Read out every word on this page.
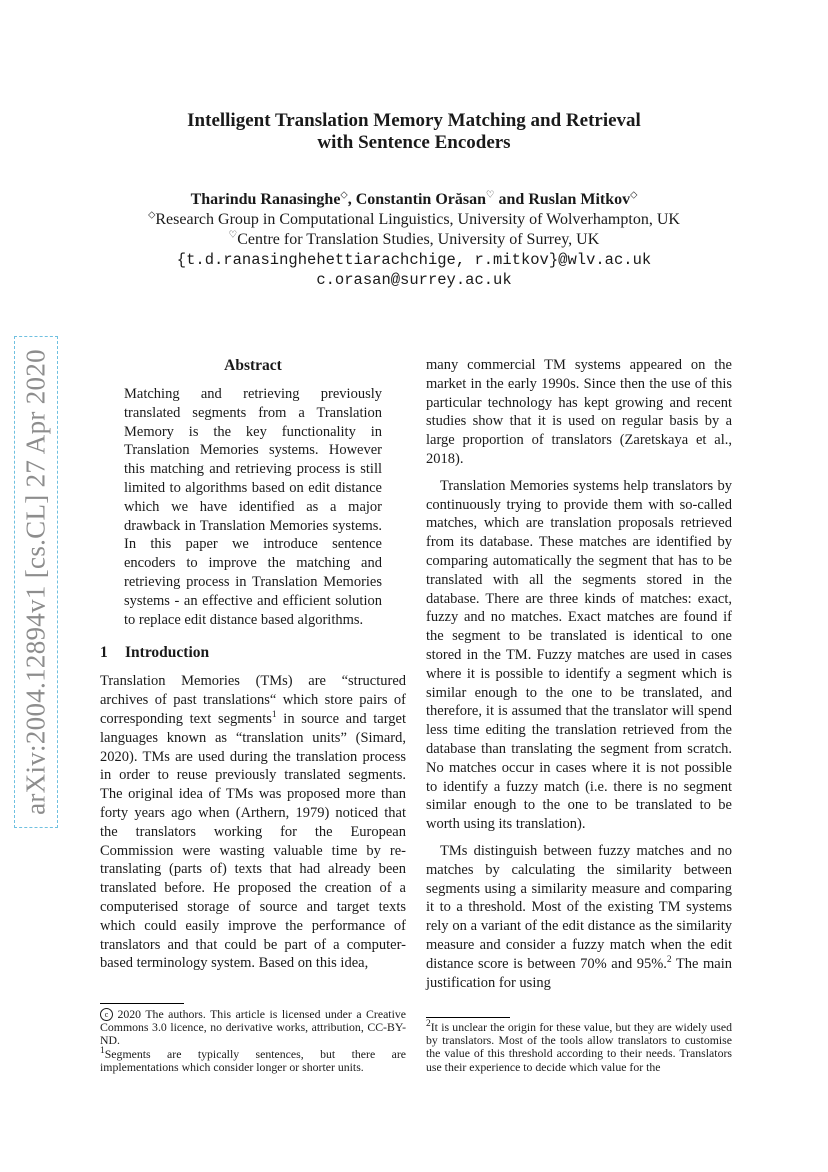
arXiv:2004.12894v1 [cs.CL] 27 Apr 2020
Intelligent Translation Memory Matching and Retrieval
with Sentence Encoders
Tharindu Ranasinghe◇, Constantin Orăsan♡ and Ruslan Mitkov◇
◇Research Group in Computational Linguistics, University of Wolverhampton, UK
♡Centre for Translation Studies, University of Surrey, UK
{t.d.ranasinghehettiarachchige, r.mitkov}@wlv.ac.uk
c.orasan@surrey.ac.uk
Abstract

Matching and retrieving previously translated segments from a Translation Memory is the key functionality in Translation Memories systems. However this matching and retrieving process is still limited to algorithms based on edit distance which we have identified as a major drawback in Translation Memories systems. In this paper we introduce sentence encoders to improve the matching and retrieving process in Translation Memories systems - an effective and efficient solution to replace edit distance based algorithms.

1 Introduction

Translation Memories (TMs) are “structured archives of past translations“ which store pairs of corresponding text segments$^1$ in source and target languages known as “translation units” (Simard, 2020). TMs are used during the translation process in order to reuse previously translated segments. The original idea of TMs was proposed more than forty years ago when (Arthern, 1979) noticed that the translators working for the European Commission were wasting valuable time by re-translating (parts of) texts that had already been translated before. He proposed the creation of a computerised storage of source and target texts which could easily improve the performance of translators and that could be part of a computer-based terminology system. Based on this idea,

many commercial TM systems appeared on the market in the early 1990s. Since then the use of this particular technology has kept growing and recent studies show that it is used on regular basis by a large proportion of translators (Zaretskaya et al., 2018).

Translation Memories systems help translators by continuously trying to provide them with so-called matches, which are translation proposals retrieved from its database. These matches are identified by comparing automatically the segment that has to be translated with all the segments stored in the database. There are three kinds of matches: exact, fuzzy and no matches. Exact matches are found if the segment to be translated is identical to one stored in the TM. Fuzzy matches are used in cases where it is possible to identify a segment which is similar enough to the one to be translated, and therefore, it is assumed that the translator will spend less time editing the translation retrieved from the database than translating the segment from scratch. No matches occur in cases where it is not possible to identify a fuzzy match (i.e. there is no segment similar enough to the one to be translated to be worth using its translation).

TMs distinguish between fuzzy matches and no matches by calculating the similarity between segments using a similarity measure and comparing it to a threshold. Most of the existing TM systems rely on a variant of the edit distance as the similarity measure and consider a fuzzy match when the edit distance score is between 70% and 95%.$^2$ The main justification for using

c 2020 The authors. This article is licensed under a Creative Commons 3.0 licence, no derivative works, attribution, CC-BY-ND.
$^1$Segments are typically sentences, but there are implementations which consider longer or shorter units.
$^2$It is unclear the origin for these value, but they are widely used by translators. Most of the tools allow translators to customise the value of this threshold according to their needs. Translators use their experience to decide which value for the
